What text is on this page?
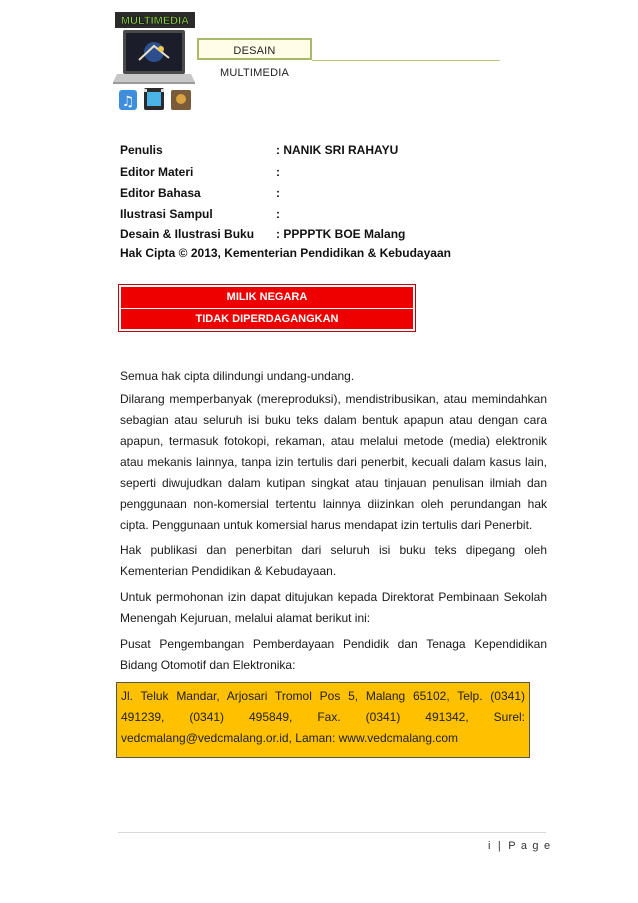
MULTIMEDIA
♫
DESAIN MULTIMEDIA
Penulis	: NANIK SRI RAHAYU
Editor Materi	:
Editor Bahasa	:
Ilustrasi Sampul	:
Desain & Ilustrasi Buku : PPPPTK BOE Malang
Hak Cipta © 2013, Kementerian Pendidikan & Kebudayaan
MILIK NEGARA
TIDAK DIPERDAGANGKAN
Semua hak cipta dilindungi undang-undang.
Dilarang memperbanyak (mereproduksi), mendistribusikan, atau memindahkan sebagian atau seluruh isi buku teks dalam bentuk apapun atau dengan cara apapun, termasuk fotokopi, rekaman, atau melalui metode (media) elektronik atau mekanis lainnya, tanpa izin tertulis dari penerbit, kecuali dalam kasus lain, seperti diwujudkan dalam kutipan singkat atau tinjauan penulisan ilmiah dan penggunaan non-komersial tertentu lainnya diizinkan oleh perundangan hak cipta. Penggunaan untuk komersial harus mendapat izin tertulis dari Penerbit.
Hak publikasi dan penerbitan dari seluruh isi buku teks dipegang oleh Kementerian Pendidikan & Kebudayaan.
Untuk permohonan izin dapat ditujukan kepada Direktorat Pembinaan Sekolah Menengah Kejuruan, melalui alamat berikut ini:
Pusat Pengembangan Pemberdayaan Pendidik dan Tenaga Kependidikan Bidang Otomotif dan Elektronika:
Jl. Teluk Mandar, Arjosari Tromol Pos 5, Malang 65102, Telp. (0341) 491239, (0341) 495849, Fax. (0341) 491342, Surel: vedcmalang@vedcmalang.or.id, Laman: www.vedcmalang.com
i | P a g e
